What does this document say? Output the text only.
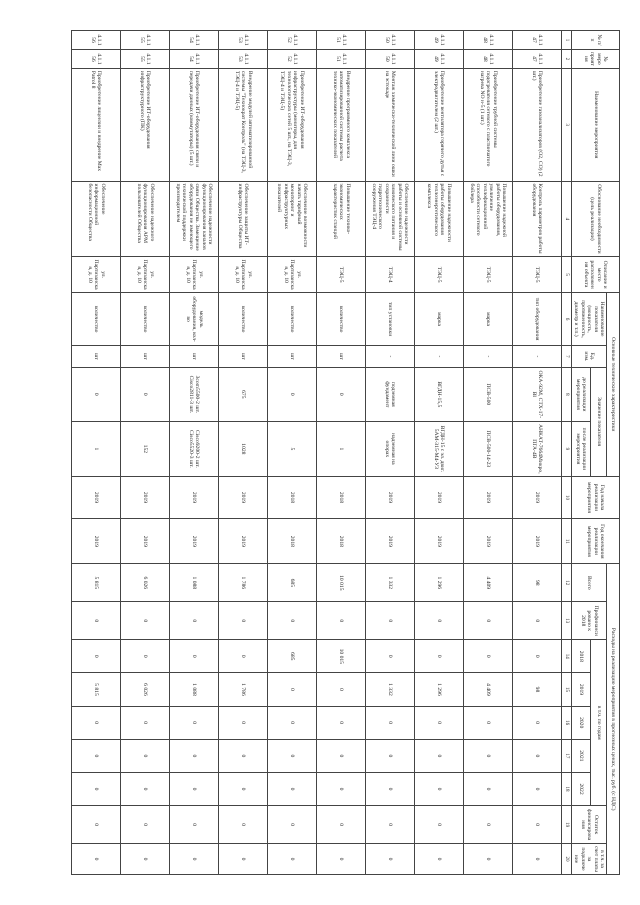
№ п/п	№ мероприятия	Наименование мероприятия	Обоснование необходимости (цель реализации)	Описание и место расположения объекта	Основные технические характеристики				Год начала реализации мероприятия	Год окончания реализации мероприятия	Расходы на реализацию мероприятия в прогнозных ценах, тыс. руб. (с НДС)								
					Наименование показателя (мощность, протяженность, диаметр и т.п.)	Ед. изм.	Значение показателя				Всего	Профинансировано к 2018	в т.ч. по годам					Остаток финансирования	в т.ч. за счет платы за подключение
							до реализации мероприятия	после реализации мероприятия					2018	2019	2020	2021	2022		
1	2	3	4	5	6	7	8	9	10	11	12	13	14	15	16	17	18	19	20
4.1.147	4.1.147	Приобретение газоанализаторов (О2, СО) (2 шт.)	Контроль параметров работы оборудования	ТЭЦ-5	тип оборудования	-	ОКА-92М, СТХ-17-Bl	АНКАТ-7664Микро, ПГА-4В	2019	2019	98	0	0	98	0	0	0	0	0
4.1.148	4.1.148	Приобретение трубной системы подогревателя сетевого с пластинчатого нагрева NO н-5 (1 шт.)	Повышение надежной работы оборудования, увеличение теплофикационной способности сетевого бойлера	ТЭЦ-5	марка	-	ПСВ-500	ПСВ-500-14-23	2019	2019	4 409	0	0	4 409	0	0	0	0	0
4.1.149	4.1.149	Приобретение вентилятора горячего дутья с электродвигателем (2 шт.)	Повышение надежности работы оборудования теплоэнергетического комплекса	ТЭЦ-5	марка	-	ВГДН-15,5	ВГДН-15 с эл. двиг. 5АМ-315-М4-У3	2019	2019	1 296	0	0	1 296	0	0	0	0	0
4.1.150	4.1.150	Монтаж химически-технической лини ошки на эстокаде	Обеспечение надежности работы и основной системы химического питания и сохранности гидротехнического сооружения ТЭЦ-4	ТЭЦ-4	тип установки	-	подземная фундамент	надземная на опорах	2019	2019	1 332	0	0	1 332	0	0	0	0	0
4.1.151	4.1.151	Внедрение программного комплекса автоматизированной системы расчета технико-экономических показателей	Повышение технико-экономических характеристик станций	ТЭЦ-5	количество	шт	0	1	2018	2018	10 015	0	10 015	0	0	0	0	0	0
4.1.152	4.1.152	Приобретение ИТ-оборудования инфраструктуры (мониторы, для технологических сетей 5 шт., на ТЭЦ-3, ТЭЦ-4 и ТЭЦ-5)	Обеспечение возможности начать тарифный мониторинг и инфраструктурных показателей	ул. Партизанская, д. 10	количество	шт	0	5	2018	2018	685	0	685	0	0	0	0	0	0
4.1.153	4.1.153	Внедрение модулей автоматизированной системы "Технократ Контроль" (на ТЭЦ-3, ТЭЦ-4 и ТЭЦ-5)	Обеспечение защиты ИТ-инфраструктуры Общества	ул. Партизанская, д. 10	количество	шт	675	1028	2019	2019	1 786	0	0	1 786	0	0	0	0	0
4.1.154	4.1.154	Приобретение ИТ-оборудования связи и передачи данных (коммутаторы) (5 шт.)	Обеспечение надежности функционирования каналов связи Общества. Замещение оборудования не имеющего технической поддержки производителем	ул. Партизанская, д. 10	модель оборудования, кол-во	шт	3com5500-2 шт. Cisco2811-3 шт.	Cisco9200-2 шт. Cisco5520-3 шт.	2019	2019	1 088	0	0	1 088	0	0	0	0	0
4.1.155	4.1.155	Приобретение ИТ-оборудования инфраструктурного (ПК)	Обеспечение надежного функционирования АРМ пользователей Общества	ул. Партизанская, д. 10	количество	шт	0	152	2019	2019	6 026	0	0	6 026	0	0	0	0	0
4.1.156	4.1.156	Приобретение лицензии и внедрение Max Patrol 8	Обеспечение информационной безопасности Общества	ул. Партизанская, д. 10	количество	шт	0	1	2019	2019	5 815	0	0	5 815	0	0	0	0	0
